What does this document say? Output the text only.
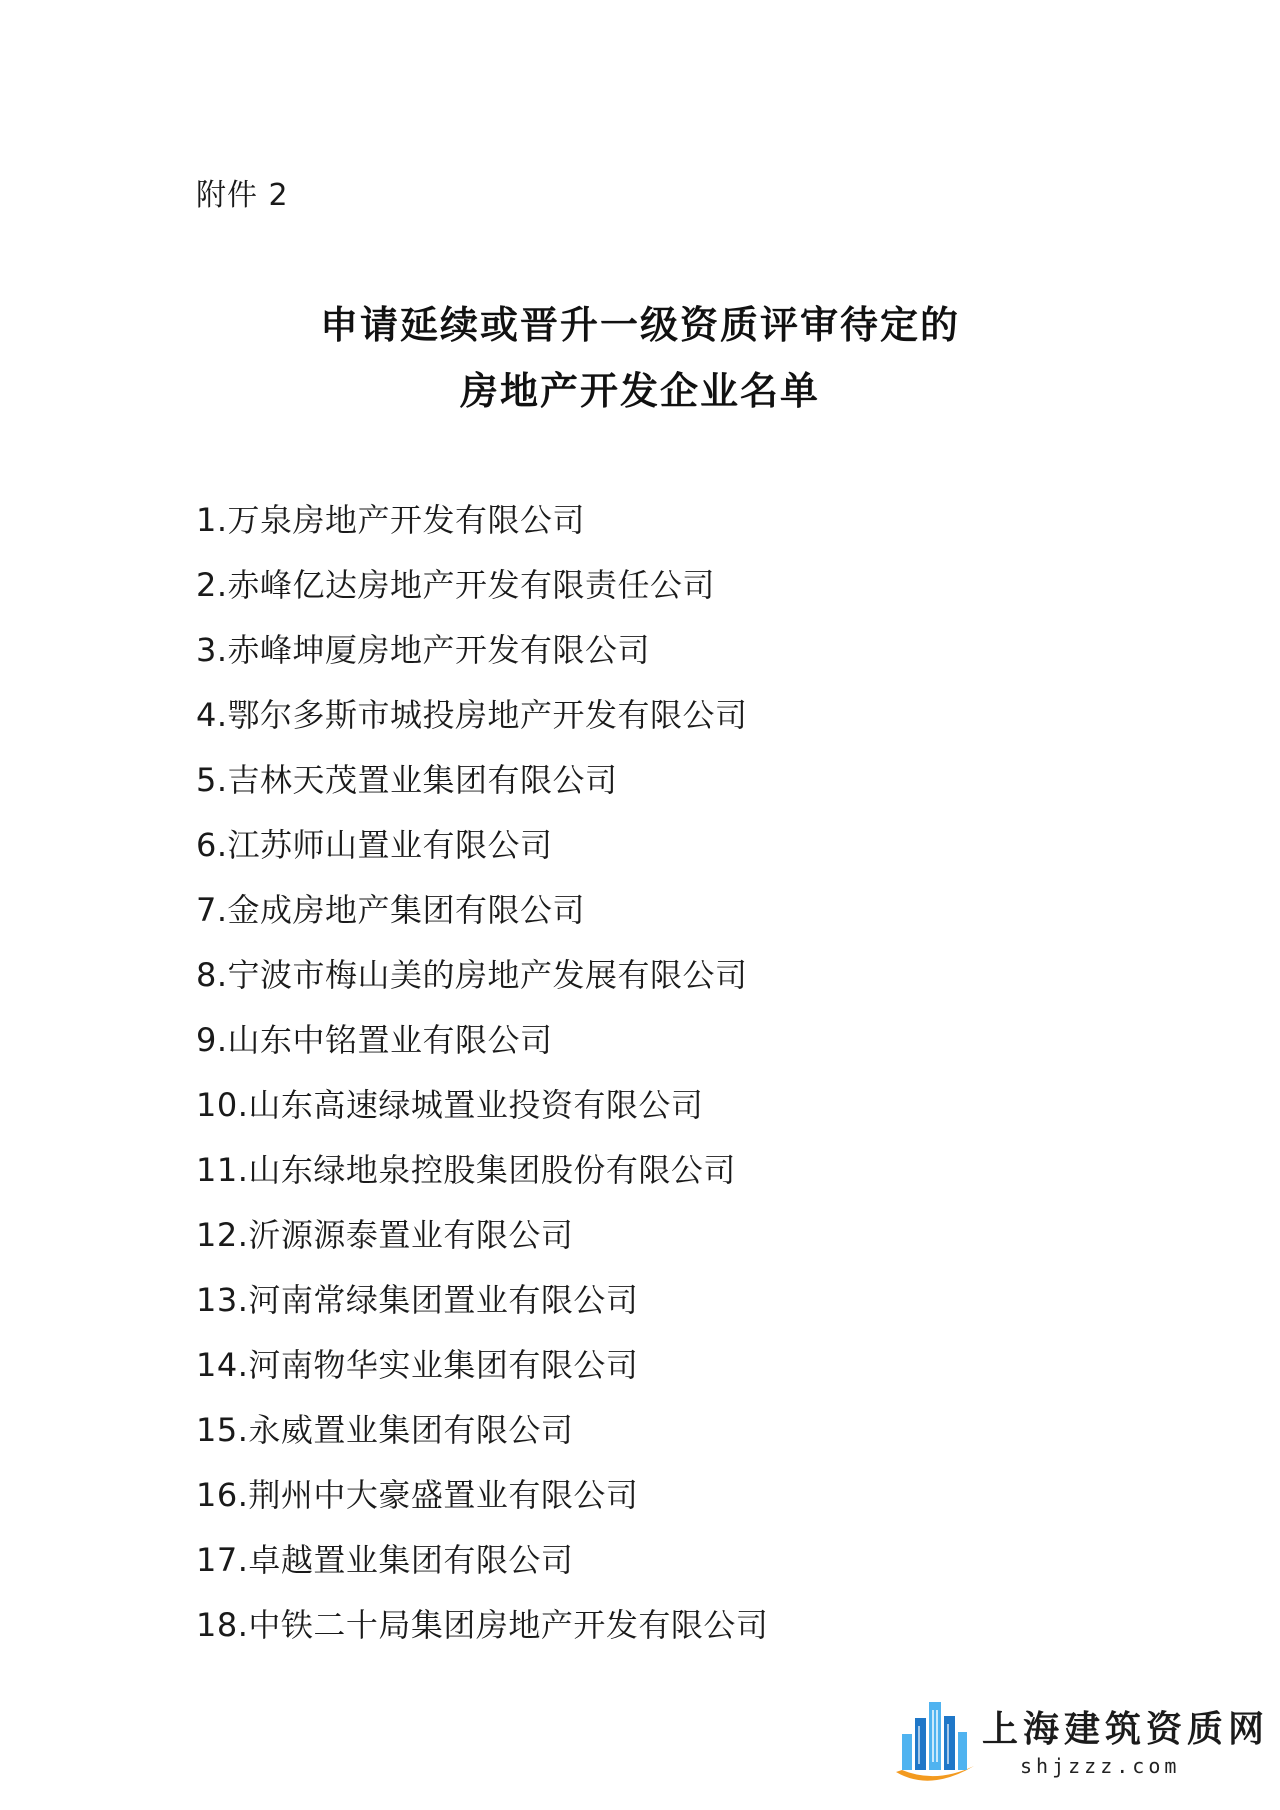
附件 2
申请延续或晋升一级资质评审待定的
房地产开发企业名单
1.万泉房地产开发有限公司
2.赤峰亿达房地产开发有限责任公司
3.赤峰坤厦房地产开发有限公司
4.鄂尔多斯市城投房地产开发有限公司
5.吉林天茂置业集团有限公司
6.江苏师山置业有限公司
7.金成房地产集团有限公司
8.宁波市梅山美的房地产发展有限公司
9.山东中铭置业有限公司
10.山东高速绿城置业投资有限公司
11.山东绿地泉控股集团股份有限公司
12.沂源源泰置业有限公司
13.河南常绿集团置业有限公司
14.河南物华实业集团有限公司
15.永威置业集团有限公司
16.荆州中大豪盛置业有限公司
17.卓越置业集团有限公司
18.中铁二十局集团房地产开发有限公司
上海建筑资质网
shjzzz.com
